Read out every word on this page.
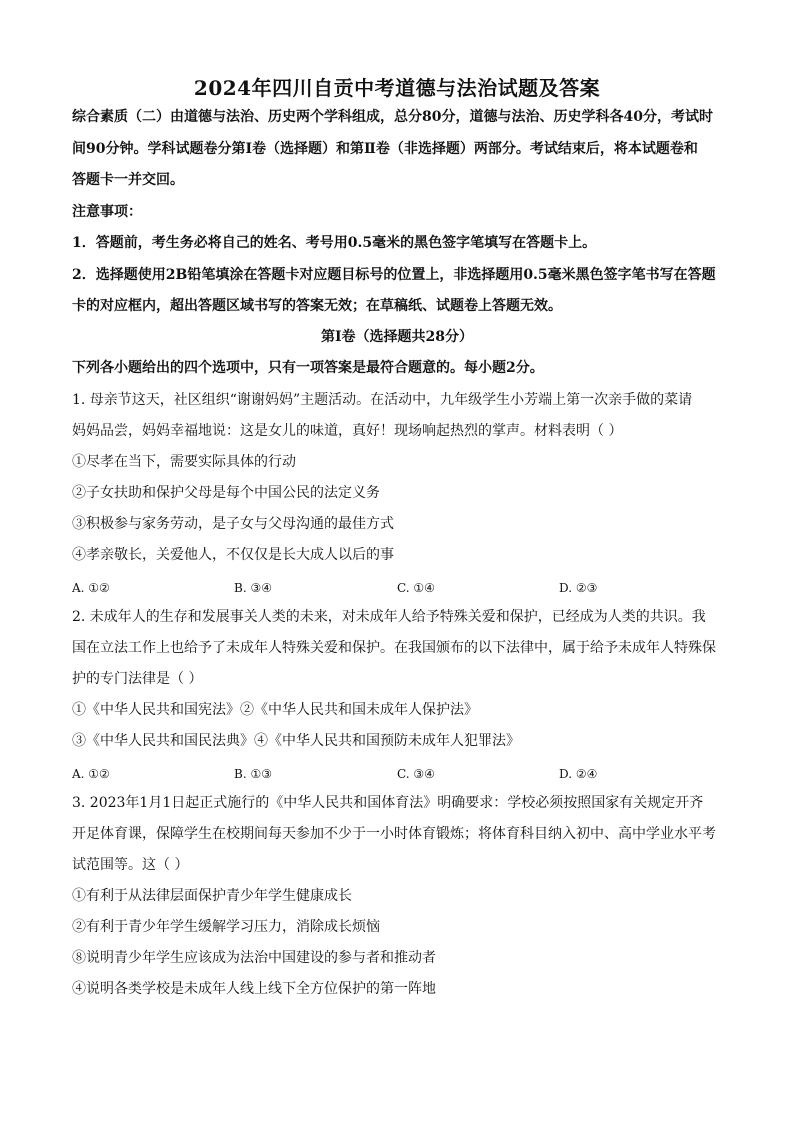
2024年四川自贡中考道德与法治试题及答案
综合素质（二）由道德与法治、历史两个学科组成，总分80分，道德与法治、历史学科各40分，考试时
间90分钟。学科试题卷分第Ⅰ卷（选择题）和第Ⅱ卷（非选择题）两部分。考试结束后，将本试题卷和
答题卡一并交回。
注意事项：
1．答题前，考生务必将自己的姓名、考号用0.5毫米的黑色签字笔填写在答题卡上。
2．选择题使用2B铅笔填涂在答题卡对应题目标号的位置上，非选择题用0.5毫米黑色签字笔书写在答题
卡的对应框内，超出答题区域书写的答案无效；在草稿纸、试题卷上答题无效。
第Ⅰ卷（选择题共28分）
下列各小题给出的四个选项中，只有一项答案是最符合题意的。每小题2分。
1. 母亲节这天，社区组织“谢谢妈妈”主题活动。在活动中，九年级学生小芳端上第一次亲手做的菜请
妈妈品尝，妈妈幸福地说：这是女儿的味道，真好！现场响起热烈的掌声。材料表明（ ）
①尽孝在当下，需要实际具体的行动
②子女扶助和保护父母是每个中国公民的法定义务
③积极参与家务劳动，是子女与父母沟通的最佳方式
④孝亲敬长，关爱他人，不仅仅是长大成人以后的事
A. ①②	B. ③④	C. ①④	D. ②③
2. 未成年人的生存和发展事关人类的未来，对未成年人给予特殊关爱和保护，已经成为人类的共识。我
国在立法工作上也给予了未成年人特殊关爱和保护。在我国颁布的以下法律中，属于给予未成年人特殊保
护的专门法律是（ ）
①《中华人民共和国宪法》②《中华人民共和国未成年人保护法》
③《中华人民共和国民法典》④《中华人民共和国预防未成年人犯罪法》
A. ①②	B. ①③	C. ③④	D. ②④
3. 2023年1月1日起正式施行的《中华人民共和国体育法》明确要求：学校必须按照国家有关规定开齐
开足体育课，保障学生在校期间每天参加不少于一小时体育锻炼；将体育科目纳入初中、高中学业水平考
试范围等。这（ ）
①有利于从法律层面保护青少年学生健康成长
②有利于青少年学生缓解学习压力，消除成长烦恼
⑧说明青少年学生应该成为法治中国建设的参与者和推动者
④说明各类学校是未成年人线上线下全方位保护的第一阵地
